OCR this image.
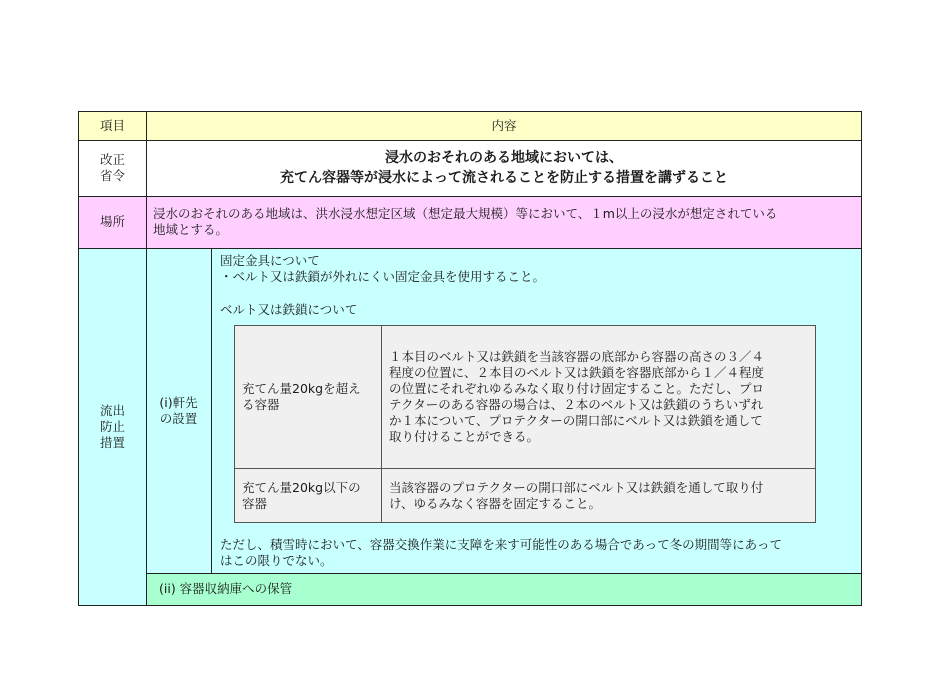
項目	内容
改正
省令
浸水のおそれのある地域においては、
充てん容器等が浸水によって流されることを防止する措置を講ずること
場所
浸水のおそれのある地域は、洪水浸水想定区域（想定最大規模）等において、１m以上の浸水が想定されている
地域とする。
流出
防止
措置
(i)軒先
の設置
固定金具について
・ベルト又は鉄鎖が外れにくい固定金具を使用すること。
ベルト又は鉄鎖について
充てん量20kgを超え
る容器
１本目のベルト又は鉄鎖を当該容器の底部から容器の高さの３／４
程度の位置に、２本目のベルト又は鉄鎖を容器底部から１／４程度
の位置にそれぞれゆるみなく取り付け固定すること。ただし、プロ
テクターのある容器の場合は、２本のベルト又は鉄鎖のうちいずれ
か１本について、プロテクターの開口部にベルト又は鉄鎖を通して
取り付けることができる。
充てん量20kg以下の
容器
当該容器のプロテクターの開口部にベルト又は鉄鎖を通して取り付
け、ゆるみなく容器を固定すること。
ただし、積雪時において、容器交換作業に支障を来す可能性のある場合であって冬の期間等にあって
はこの限りでない。
(ii) 容器収納庫への保管
